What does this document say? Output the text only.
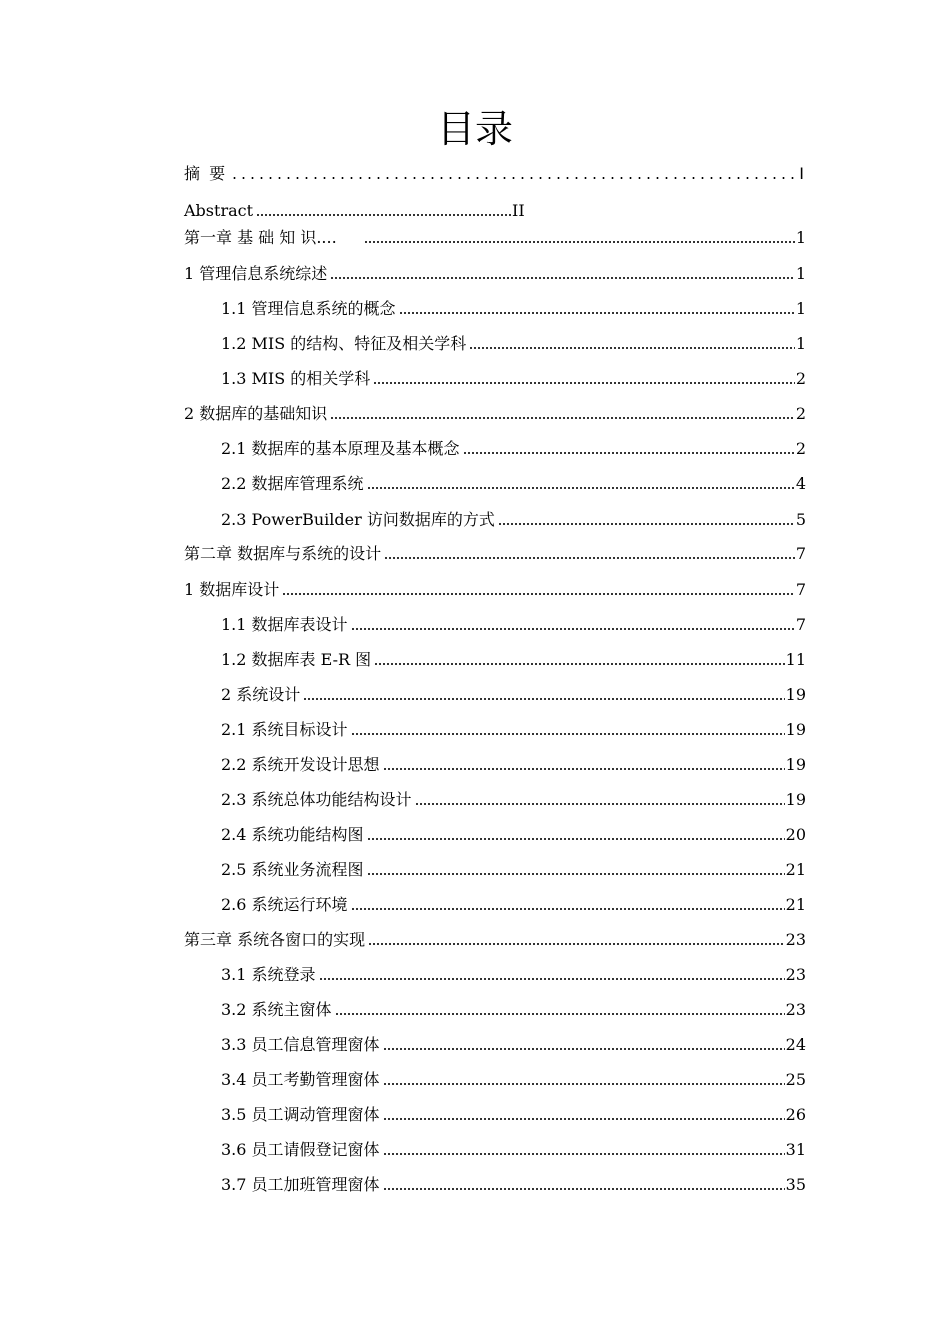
目录
摘 要	I
Abstract	II
第一章 基 础 知 识....	1
1 管理信息系统综述	1
1.1 管理信息系统的概念	1
1.2 MIS 的结构、特征及相关学科	1
1.3 MIS 的相关学科	2
2 数据库的基础知识	2
2.1 数据库的基本原理及基本概念	2
2.2 数据库管理系统	4
2.3 PowerBuilder 访问数据库的方式	5
第二章 数据库与系统的设计	7
1 数据库设计	7
1.1 数据库表设计	7
1.2 数据库表 E-R 图	11
2 系统设计	19
2.1 系统目标设计	19
2.2 系统开发设计思想	19
2.3 系统总体功能结构设计	19
2.4 系统功能结构图	20
2.5 系统业务流程图	21
2.6 系统运行环境	21
第三章 系统各窗口的实现	23
3.1 系统登录	23
3.2 系统主窗体	23
3.3 员工信息管理窗体	24
3.4 员工考勤管理窗体	25
3.5 员工调动管理窗体	26
3.6 员工请假登记窗体	31
3.7 员工加班管理窗体	35
